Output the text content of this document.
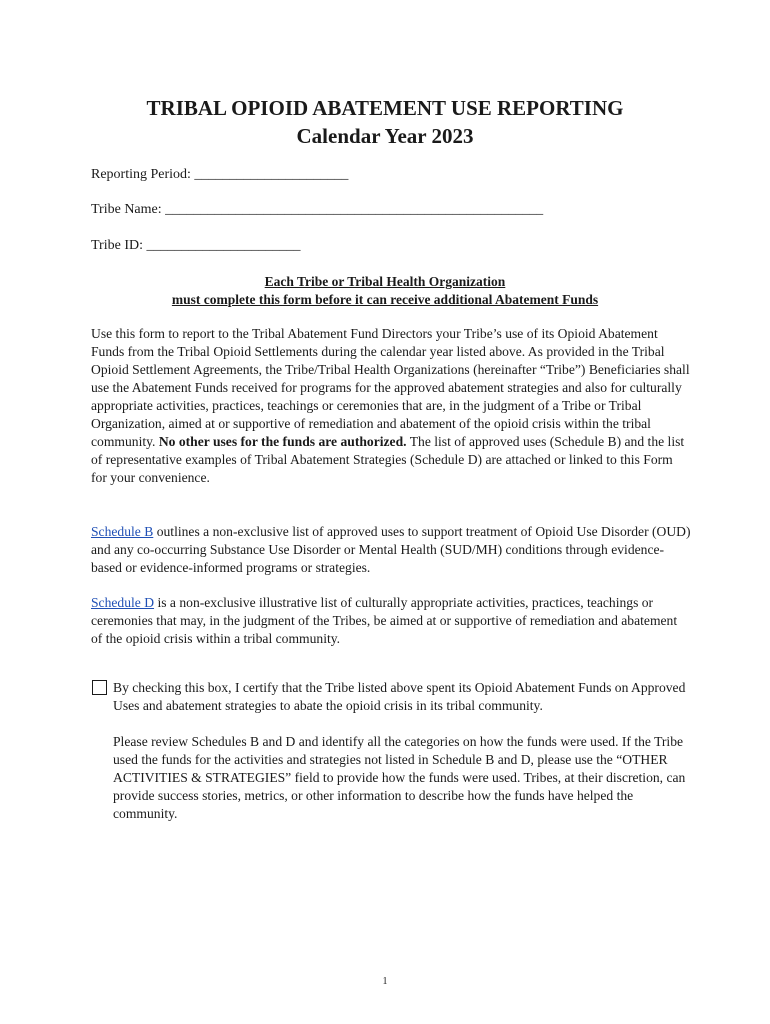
TRIBAL OPIOID ABATEMENT USE REPORTING
Calendar Year 2023

Reporting Period: ______________________

Tribe Name: ______________________________________________________

Tribe ID: ______________________

Each Tribe or Tribal Health Organization

must complete this form before it can receive additional Abatement Funds

Use this form to report to the Tribal Abatement Fund Directors your Tribe’s use of its Opioid Abatement Funds from the Tribal Opioid Settlements during the calendar year listed above. As provided in the Tribal Opioid Settlement Agreements, the Tribe/Tribal Health Organizations (hereinafter “Tribe”) Beneficiaries shall use the Abatement Funds received for programs for the approved abatement strategies and also for culturally appropriate activities, practices, teachings or ceremonies that are, in the judgment of a Tribe or Tribal Organization, aimed at or supportive of remediation and abatement of the opioid crisis within the tribal community. No other uses for the funds are authorized. The list of approved uses (Schedule B) and the list of representative examples of Tribal Abatement Strategies (Schedule D) are attached or linked to this Form for your convenience.

Schedule B outlines a non-exclusive list of approved uses to support treatment of Opioid Use Disorder (OUD) and any co-occurring Substance Use Disorder or Mental Health (SUD/MH) conditions through evidence-based or evidence-informed programs or strategies.

Schedule D is a non-exclusive illustrative list of culturally appropriate activities, practices, teachings or ceremonies that may, in the judgment of the Tribes, be aimed at or supportive of remediation and abatement of the opioid crisis within a tribal community.

By checking this box, I certify that the Tribe listed above spent its Opioid Abatement Funds on Approved Uses and abatement strategies to abate the opioid crisis in its tribal community.

Please review Schedules B and D and identify all the categories on how the funds were used. If the Tribe used the funds for the activities and strategies not listed in Schedule B and D, please use the “OTHER ACTIVITIES & STRATEGIES” field to provide how the funds were used. Tribes, at their discretion, can provide success stories, metrics, or other information to describe how the funds have helped the community.

1
